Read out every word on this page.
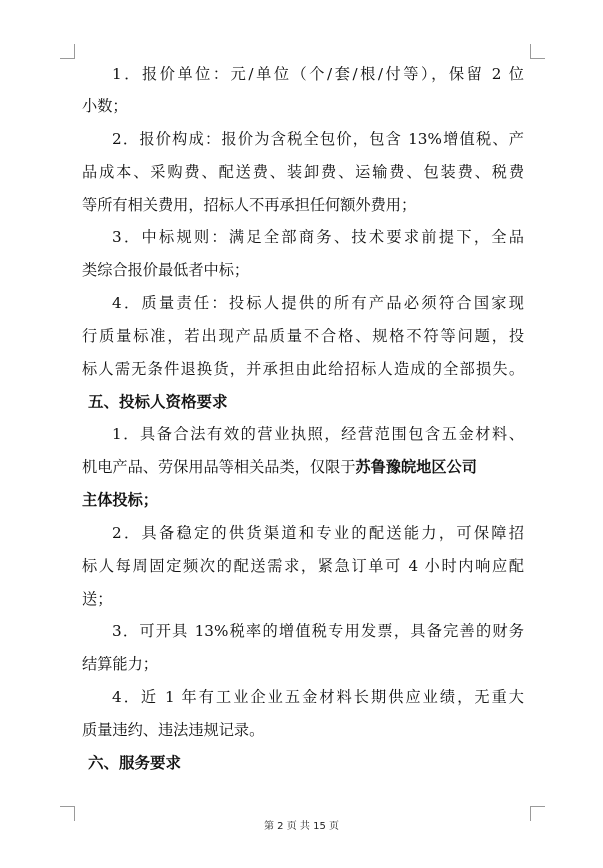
1．报价单位：元/单位（个/套/根/付等），保留 2 位
小数；
2．报价构成：报价为含税全包价，包含 13%增值税、产
品成本、采购费、配送费、装卸费、运输费、包装费、税费
等所有相关费用，招标人不再承担任何额外费用；
3．中标规则：满足全部商务、技术要求前提下，全品
类综合报价最低者中标；
4．质量责任：投标人提供的所有产品必须符合国家现
行质量标准，若出现产品质量不合格、规格不符等问题，投
标人需无条件退换货，并承担由此给招标人造成的全部损失。
五、投标人资格要求
1．具备合法有效的营业执照，经营范围包含五金材料、
机电产品、劳保用品等相关品类，仅限于苏鲁豫皖地区公司
主体投标；
2．具备稳定的供货渠道和专业的配送能力，可保障招
标人每周固定频次的配送需求，紧急订单可 4 小时内响应配
送；
3．可开具 13%税率的增值税专用发票，具备完善的财务
结算能力；
4．近 1 年有工业企业五金材料长期供应业绩，无重大
质量违约、违法违规记录。
六、服务要求
第 2 页 共 15 页
